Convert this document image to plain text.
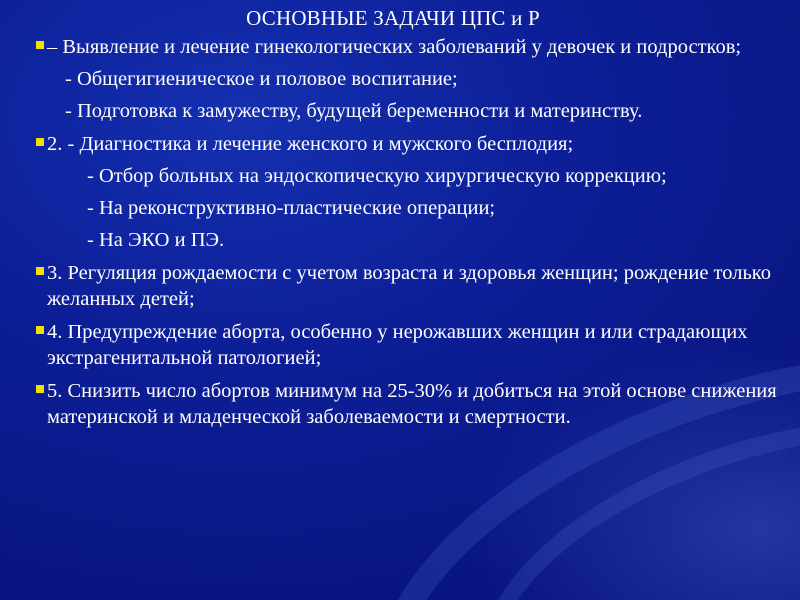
ОСНОВНЫЕ ЗАДАЧИ ЦПС и Р
– Выявление и лечение гинекологических заболеваний у девочек и подростков;
- Общегигиеническое и половое воспитание;
- Подготовка к замужеству, будущей беременности и материнству.
2. - Диагностика и лечение женского и мужского бесплодия;
- Отбор больных на эндоскопическую хирургическую коррекцию;
- На реконструктивно-пластические операции;
- На ЭКО и ПЭ.
3. Регуляция рождаемости с учетом возраста и здоровья женщин; рождение только желанных детей;
4. Предупреждение аборта, особенно у нерожавших женщин и или страдающих экстрагенитальной патологией;
5. Снизить число абортов минимум на 25-30% и добиться на этой основе снижения материнской и младенческой заболеваемости и смертности.
